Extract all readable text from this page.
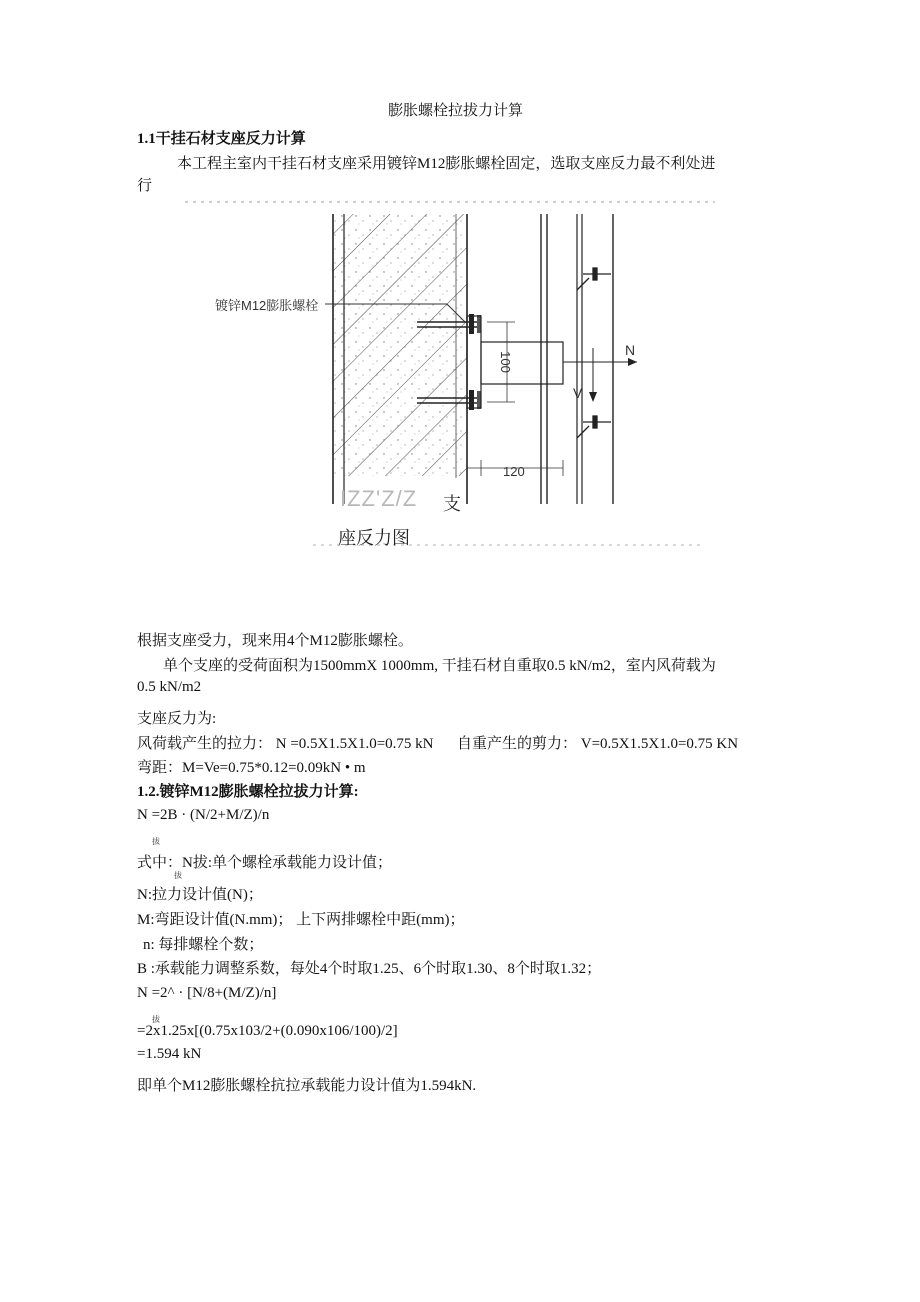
膨胀螺栓拉拔力计算
1.1干挂石材支座反力计算
本工程主室内干挂石材支座采用镀锌M12膨胀螺栓固定，选取支座反力最不利处进
行
镀锌M12膨胀螺栓
100
N
V
120
IZZ'Z/Z 支
座反力图
根据支座受力，现来用4个M12膨胀螺栓。
单个支座的受荷面积为1500mmX 1000mm, 干挂石材自重取0.5 kN/m2，室内风荷载为
0.5 kN/m2
支座反力为:
风荷载产生的拉力： N =0.5X1.5X1.0=0.75 kN 自重产生的剪力： V=0.5X1.5X1.0=0.75 KN
弯距：M=Ve=0.75*0.12=0.09kN • m
1.2.镀锌M12膨胀螺栓拉拔力计算:
N =2B · (N/2+M/Z)/n
拔
式中：N拔:单个螺栓承载能力设计值；
拔
N:拉力设计值(N)；
M:弯距设计值(N.mm)； 上下两排螺栓中距(mm)；
n: 每排螺栓个数；
B :承载能力调整系数，每处4个时取1.25、6个时取1.30、8个时取1.32；
N =2^ · [N/8+(M/Z)/n]
拔
=2x1.25x[(0.75x103/2+(0.090x106/100)/2]
=1.594 kN
即单个M12膨胀螺栓抗拉承载能力设计值为1.594kN.
